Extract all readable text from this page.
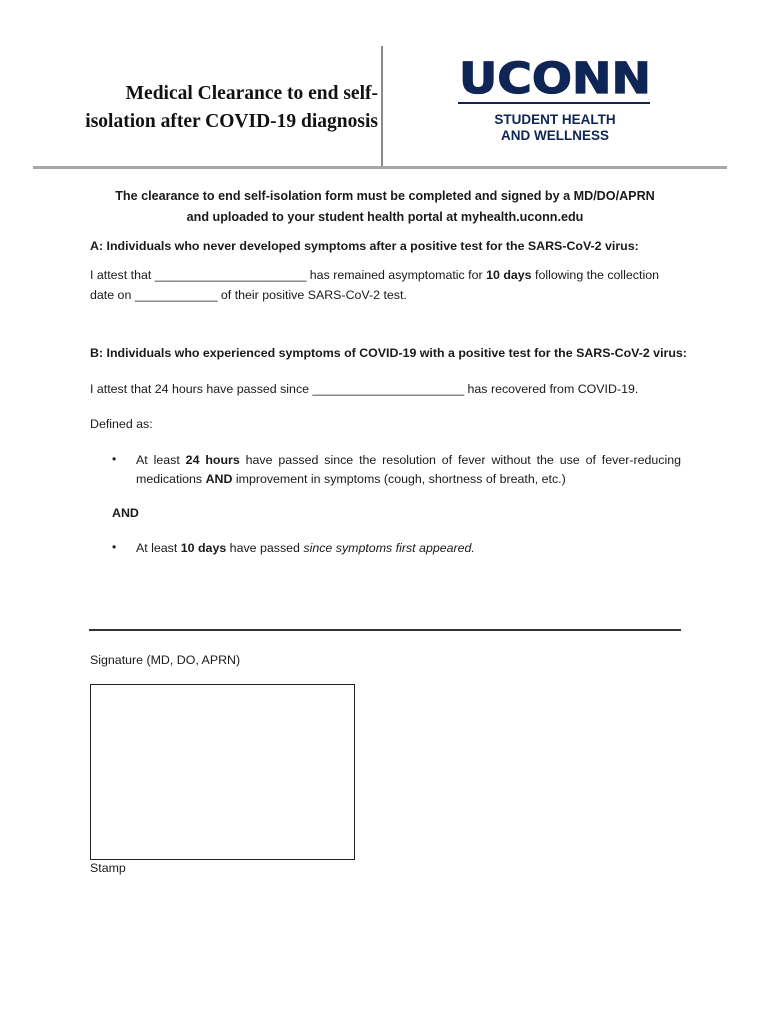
Medical Clearance to end self-
isolation after COVID-19 diagnosis
UCONN
STUDENT HEALTH
AND WELLNESS
The clearance to end self-isolation form must be completed and signed by a MD/DO/APRN
and uploaded to your student health portal at myhealth.uconn.edu
A: Individuals who never developed symptoms after a positive test for the SARS-CoV-2 virus:
I attest that ______________________ has remained asymptomatic for 10 days following the collection
date on ____________ of their positive SARS-CoV-2 test.
B: Individuals who experienced symptoms of COVID-19 with a positive test for the SARS-CoV-2 virus:
I attest that 24 hours have passed since ______________________ has recovered from COVID-19.
Defined as:
• At least 24 hours have passed since the resolution of fever without the use of fever-reducing medications AND improvement in symptoms (cough, shortness of breath, etc.)
AND
• At least 10 days have passed since symptoms first appeared.
Signature (MD, DO, APRN)
Stamp
